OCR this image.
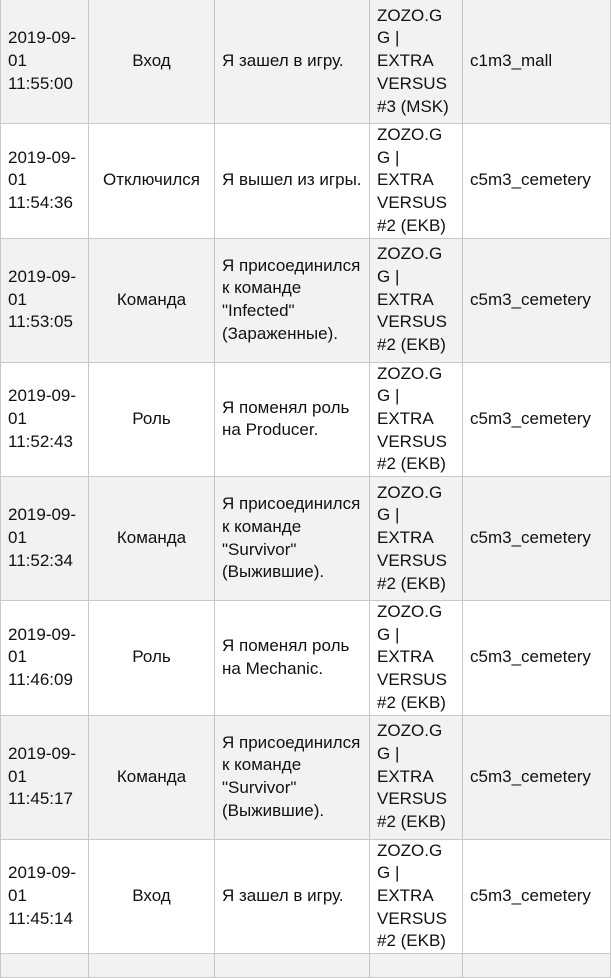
2019-09-01 11:55:00	Вход	Я зашел в игру.	ZOZO.GG | EXTRA VERSUS #3 (MSK)	c1m3_mall

2019-09-01 11:54:36	Отключился	Я вышел из игры.	ZOZO.GG | EXTRA VERSUS #2 (EKB)	c5m3_cemetery

2019-09-01 11:53:05	Команда	Я присоединился к команде "Infected" (Зараженные).	ZOZO.GG | EXTRA VERSUS #2 (EKB)	c5m3_cemetery

2019-09-01 11:52:43	Роль	Я поменял роль на Producer.	ZOZO.GG | EXTRA VERSUS #2 (EKB)	c5m3_cemetery

2019-09-01 11:52:34	Команда	Я присоединился к команде "Survivor" (Выжившие).	ZOZO.GG | EXTRA VERSUS #2 (EKB)	c5m3_cemetery

2019-09-01 11:46:09	Роль	Я поменял роль на Mechanic.	ZOZO.GG | EXTRA VERSUS #2 (EKB)	c5m3_cemetery

2019-09-01 11:45:17	Команда	Я присоединился к команде "Survivor" (Выжившие).	ZOZO.GG | EXTRA VERSUS #2 (EKB)	c5m3_cemetery

2019-09-01 11:45:14	Вход	Я зашел в игру.	ZOZO.GG | EXTRA VERSUS #2 (EKB)	c5m3_cemetery
